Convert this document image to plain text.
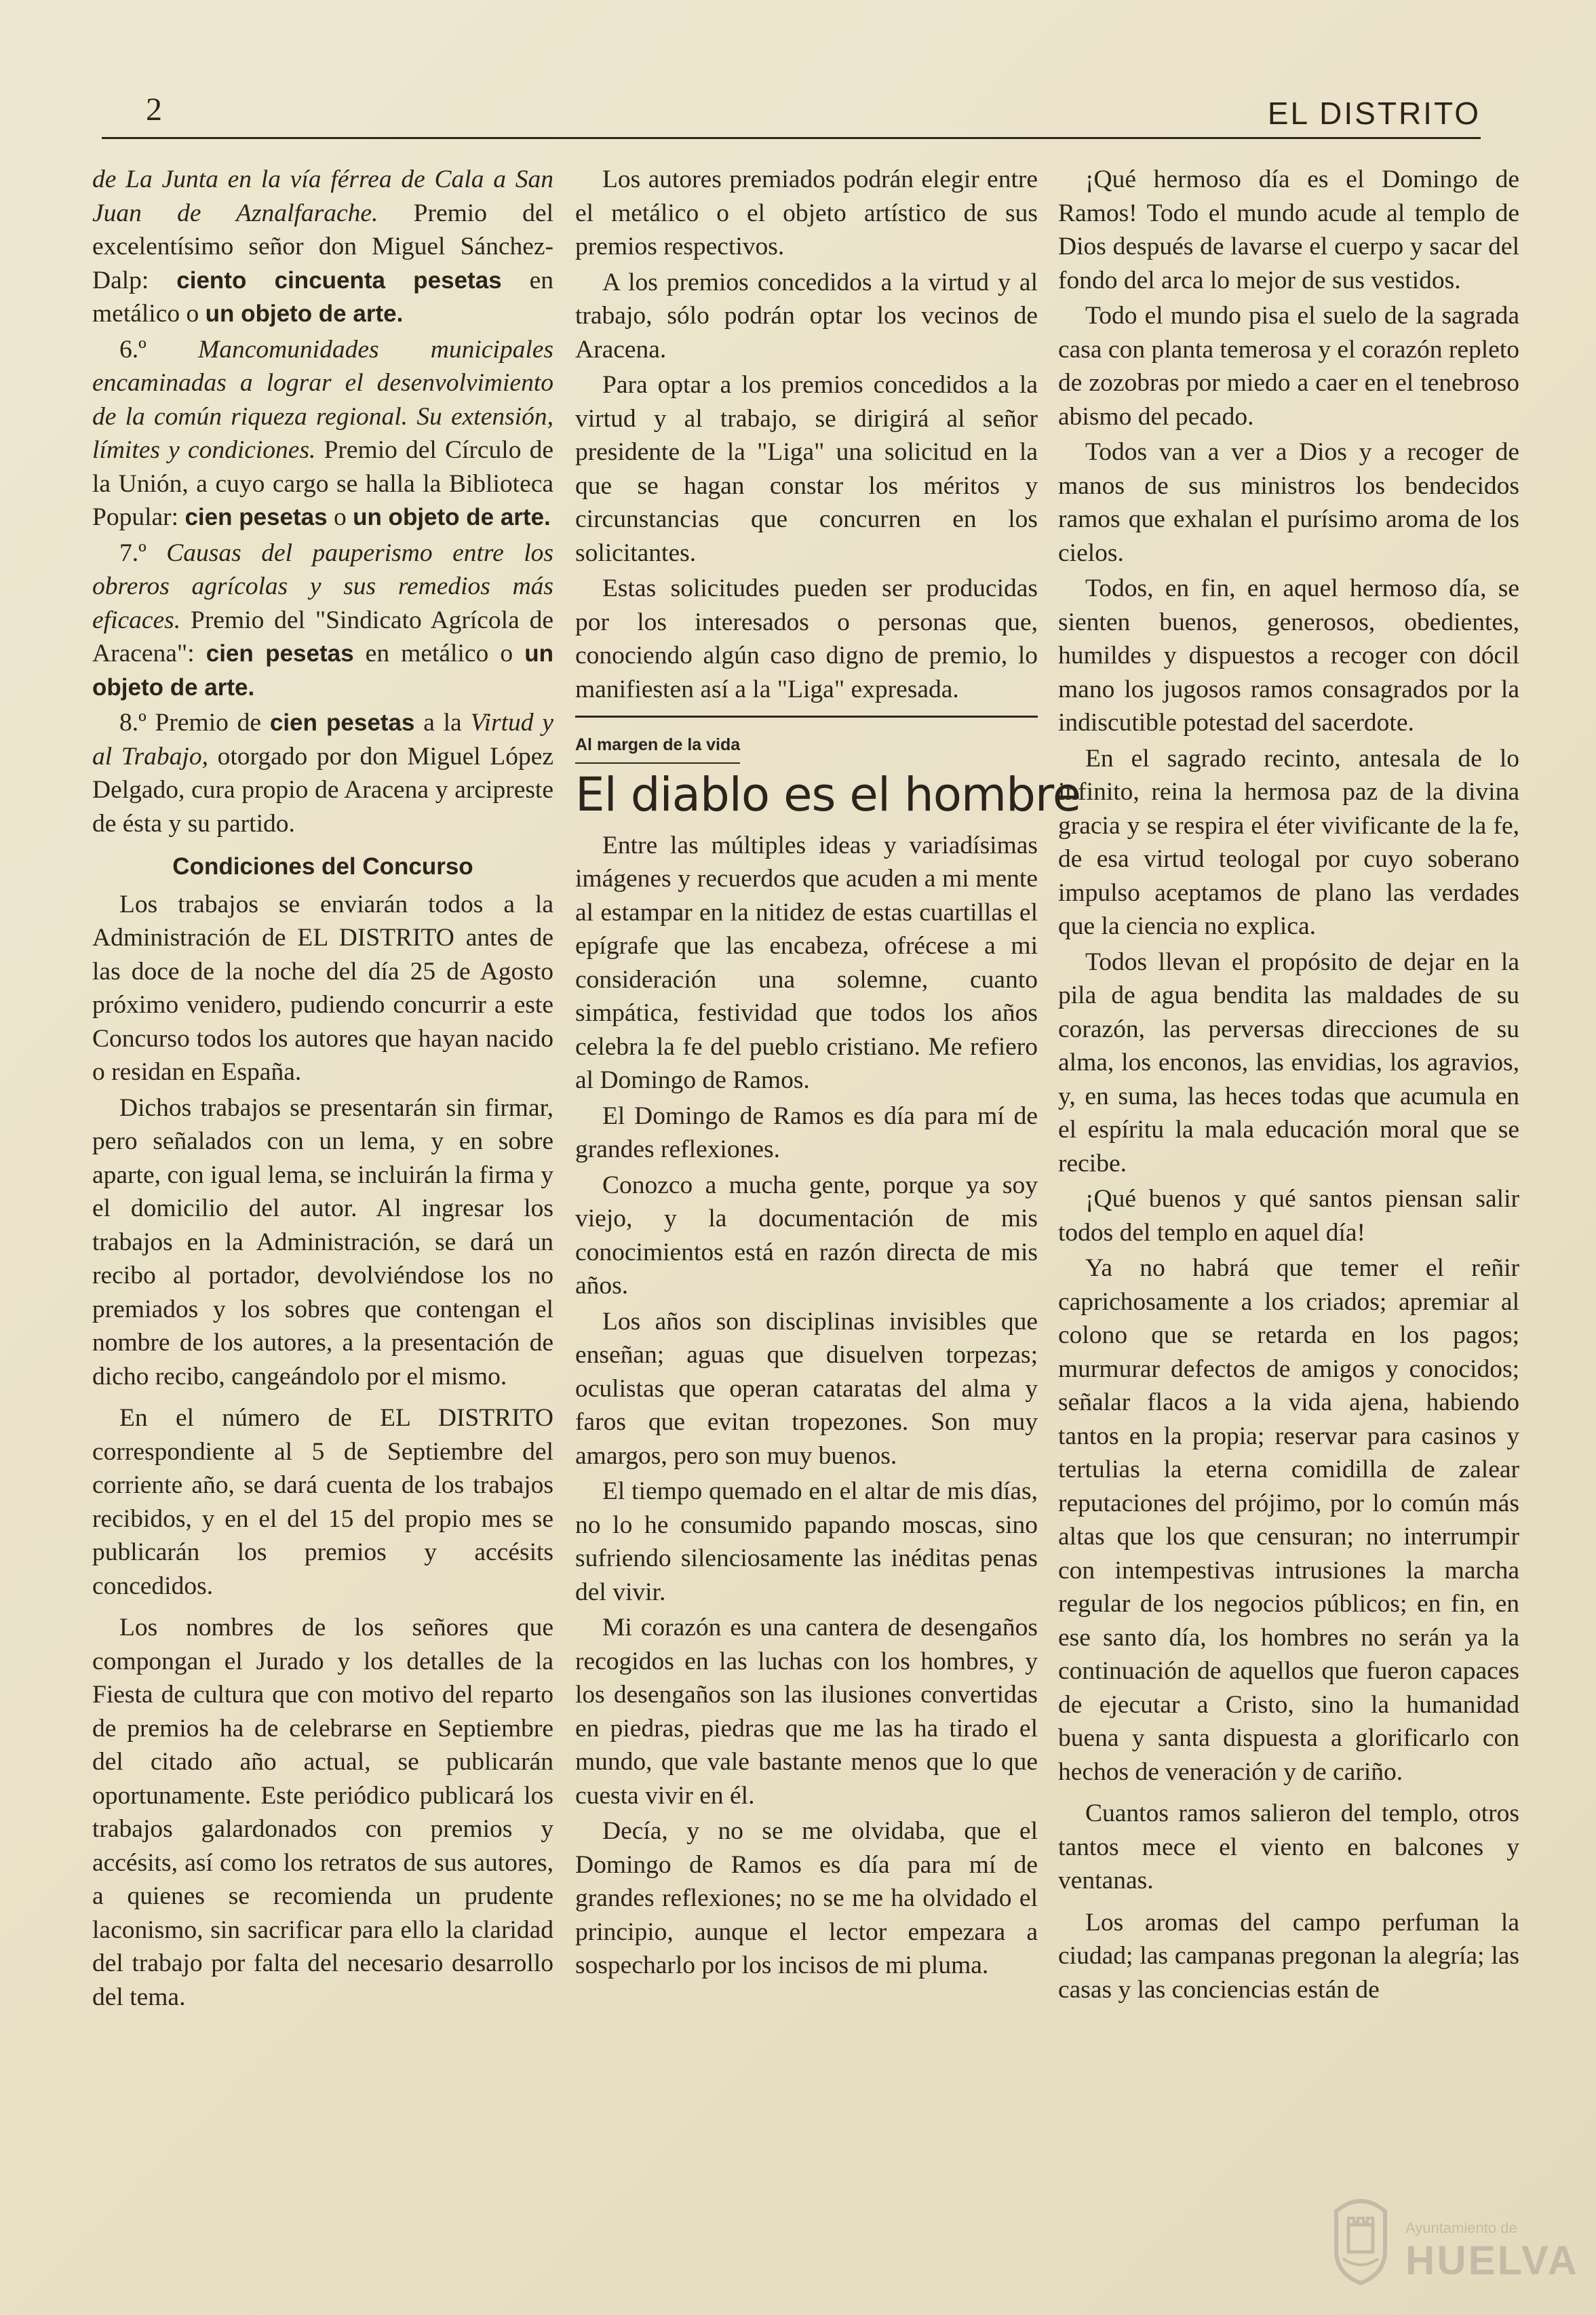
2	EL DISTRITO

de La Junta en la vía férrea de Cala a San Juan de Aznalfarache. Premio del excelentísimo señor don Miguel Sánchez-Dalp: ciento cincuenta pesetas en metálico o un objeto de arte.

6.º Mancomunidades municipales encaminadas a lograr el desenvolvimiento de la común riqueza regional. Su extensión, límites y condiciones. Premio del Círculo de la Unión, a cuyo cargo se halla la Biblioteca Popular: cien pesetas o un objeto de arte.

7.º Causas del pauperismo entre los obreros agrícolas y sus remedios más eficaces. Premio del "Sindicato Agrícola de Aracena": cien pesetas en metálico o un objeto de arte.

8.º Premio de cien pesetas a la Virtud y al Trabajo, otorgado por don Miguel López Delgado, cura propio de Aracena y arcipreste de ésta y su partido.

Condiciones del Concurso

Los trabajos se enviarán todos a la Administración de EL DISTRITO antes de las doce de la noche del día 25 de Agosto próximo venidero, pudiendo concurrir a este Concurso todos los autores que hayan nacido o residan en España.

Dichos trabajos se presentarán sin firmar, pero señalados con un lema, y en sobre aparte, con igual lema, se incluirán la firma y el domicilio del autor. Al ingresar los trabajos en la Administración, se dará un recibo al portador, devolviéndose los no premiados y los sobres que contengan el nombre de los autores, a la presentación de dicho recibo, cangeándolo por el mismo.

En el número de EL DISTRITO correspondiente al 5 de Septiembre del corriente año, se dará cuenta de los trabajos recibidos, y en el del 15 del propio mes se publicarán los premios y accésits concedidos.

Los nombres de los señores que compongan el Jurado y los detalles de la Fiesta de cultura que con motivo del reparto de premios ha de celebrarse en Septiembre del citado año actual, se publicarán oportunamente. Este periódico publicará los trabajos galardonados con premios y accésits, así como los retratos de sus autores, a quienes se recomienda un prudente laconismo, sin sacrificar para ello la claridad del trabajo por falta del necesario desarrollo del tema.

Los autores premiados podrán elegir entre el metálico o el objeto artístico de sus premios respectivos.

A los premios concedidos a la virtud y al trabajo, sólo podrán optar los vecinos de Aracena.

Para optar a los premios concedidos a la virtud y al trabajo, se dirigirá al señor presidente de la "Liga" una solicitud en la que se hagan constar los méritos y circunstancias que concurren en los solicitantes.

Estas solicitudes pueden ser producidas por los interesados o personas que, conociendo algún caso digno de premio, lo manifiesten así a la "Liga" expresada.

Al margen de la vida
El diablo es el hombre

Entre las múltiples ideas y variadísimas imágenes y recuerdos que acuden a mi mente al estampar en la nitidez de estas cuartillas el epígrafe que las encabeza, ofrécese a mi consideración una solemne, cuanto simpática, festividad que todos los años celebra la fe del pueblo cristiano. Me refiero al Domingo de Ramos.

El Domingo de Ramos es día para mí de grandes reflexiones.

Conozco a mucha gente, porque ya soy viejo, y la documentación de mis conocimientos está en razón directa de mis años.

Los años son disciplinas invisibles que enseñan; aguas que disuelven torpezas; oculistas que operan cataratas del alma y faros que evitan tropezones. Son muy amargos, pero son muy buenos.

El tiempo quemado en el altar de mis días, no lo he consumido papando moscas, sino sufriendo silenciosamente las inéditas penas del vivir.

Mi corazón es una cantera de desengaños recogidos en las luchas con los hombres, y los desengaños son las ilusiones convertidas en piedras, piedras que me las ha tirado el mundo, que vale bastante menos que lo que cuesta vivir en él.

Decía, y no se me olvidaba, que el Domingo de Ramos es día para mí de grandes reflexiones; no se me ha olvidado el principio, aunque el lector empezara a sospecharlo por los incisos de mi pluma.

¡Qué hermoso día es el Domingo de Ramos! Todo el mundo acude al templo de Dios después de lavarse el cuerpo y sacar del fondo del arca lo mejor de sus vestidos.

Todo el mundo pisa el suelo de la sagrada casa con planta temerosa y el corazón repleto de zozobras por miedo a caer en el tenebroso abismo del pecado.

Todos van a ver a Dios y a recoger de manos de sus ministros los bendecidos ramos que exhalan el purísimo aroma de los cielos.

Todos, en fin, en aquel hermoso día, se sienten buenos, generosos, obedientes, humildes y dispuestos a recoger con dócil mano los jugosos ramos consagrados por la indiscutible potestad del sacerdote.

En el sagrado recinto, antesala de lo infinito, reina la hermosa paz de la divina gracia y se respira el éter vivificante de la fe, de esa virtud teologal por cuyo soberano impulso aceptamos de plano las verdades que la ciencia no explica.

Todos llevan el propósito de dejar en la pila de agua bendita las maldades de su corazón, las perversas direcciones de su alma, los enconos, las envidias, los agravios, y, en suma, las heces todas que acumula en el espíritu la mala educación moral que se recibe.

¡Qué buenos y qué santos piensan salir todos del templo en aquel día!

Ya no habrá que temer el reñir caprichosamente a los criados; apremiar al colono que se retarda en los pagos; murmurar defectos de amigos y conocidos; señalar flacos a la vida ajena, habiendo tantos en la propia; reservar para casinos y tertulias la eterna comidilla de zalear reputaciones del prójimo, por lo común más altas que los que censuran; no interrumpir con intempestivas intrusiones la marcha regular de los negocios públicos; en fin, en ese santo día, los hombres no serán ya la continuación de aquellos que fueron capaces de ejecutar a Cristo, sino la humanidad buena y santa dispuesta a glorificarlo con hechos de veneración y de cariño.

Cuantos ramos salieron del templo, otros tantos mece el viento en balcones y ventanas.

Los aromas del campo perfuman la ciudad; las campanas pregonan la alegría; las casas y las conciencias están de

Ayuntamiento de
HUELVA
